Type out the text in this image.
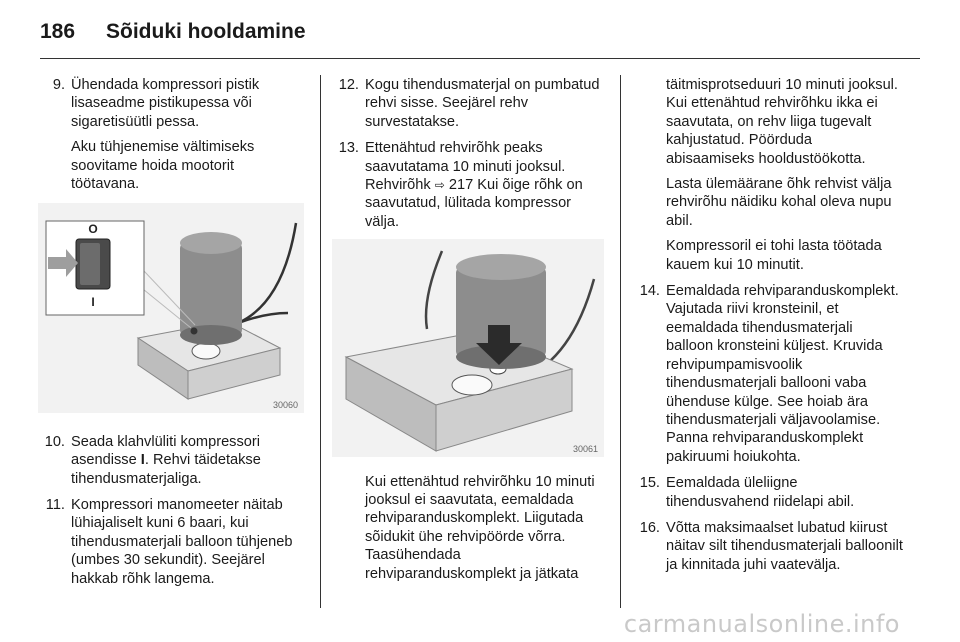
186 Sõiduki hooldamine
9. Ühendada kompressori pistik lisaseadme pistikupessa või sigaretisüütli pessa.

Aku tühjenemise vältimiseks soovitame hoida mootorit töötavana.

O
I
30060
10. Seada klahvlüliti kompressori asendisse I. Rehvi täidetakse tihendusmaterjaliga.

11. Kompressori manomeeter näitab lühiajaliselt kuni 6 baari, kui tihendusmaterjali balloon tühjeneb (umbes 30 sekundit). Seejärel hakkab rõhk langema.

12. Kogu tihendusmaterjal on pumbatud rehvi sisse. Seejärel rehv survestatakse.

13. Ettenähtud rehvirõhk peaks saavutatama 10 minuti jooksul. Rehvirõhk ⇨ 217 Kui õige rõhk on saavutatud, lülitada kompressor välja.

30061

Kui ettenähtud rehvirõhku 10 minuti jooksul ei saavutata, eemaldada rehviparanduskomplekt. Liigutada sõidukit ühe rehvipöörde võrra. Taasühendada rehviparanduskomplekt ja jätkata

täitmisprotseduuri 10 minuti jooksul. Kui ettenähtud rehvirõhku ikka ei saavutata, on rehv liiga tugevalt kahjustatud. Pöörduda abisaamiseks hooldustöökotta.

Lasta ülemäärane õhk rehvist välja rehvirõhu näidiku kohal oleva nupu abil.

Kompressoril ei tohi lasta töötada kauem kui 10 minutit.

14. Eemaldada rehviparanduskomplekt. Vajutada riivi kronsteinil, et eemaldada tihendusmaterjali balloon kronsteini küljest. Kruvida rehvipumpamisvoolik tihendusmaterjali ballooni vaba ühenduse külge. See hoiab ära tihendusmaterjali väljavoolamise. Panna rehviparanduskomplekt pakiruumi hoiukohta.

15. Eemaldada üleliigne tihendusvahend riidelapi abil.

16. Võtta maksimaalset lubatud kiirust näitav silt tihendusmaterjali balloonilt ja kinnitada juhi vaatevälja.

carmanualsonline.info
